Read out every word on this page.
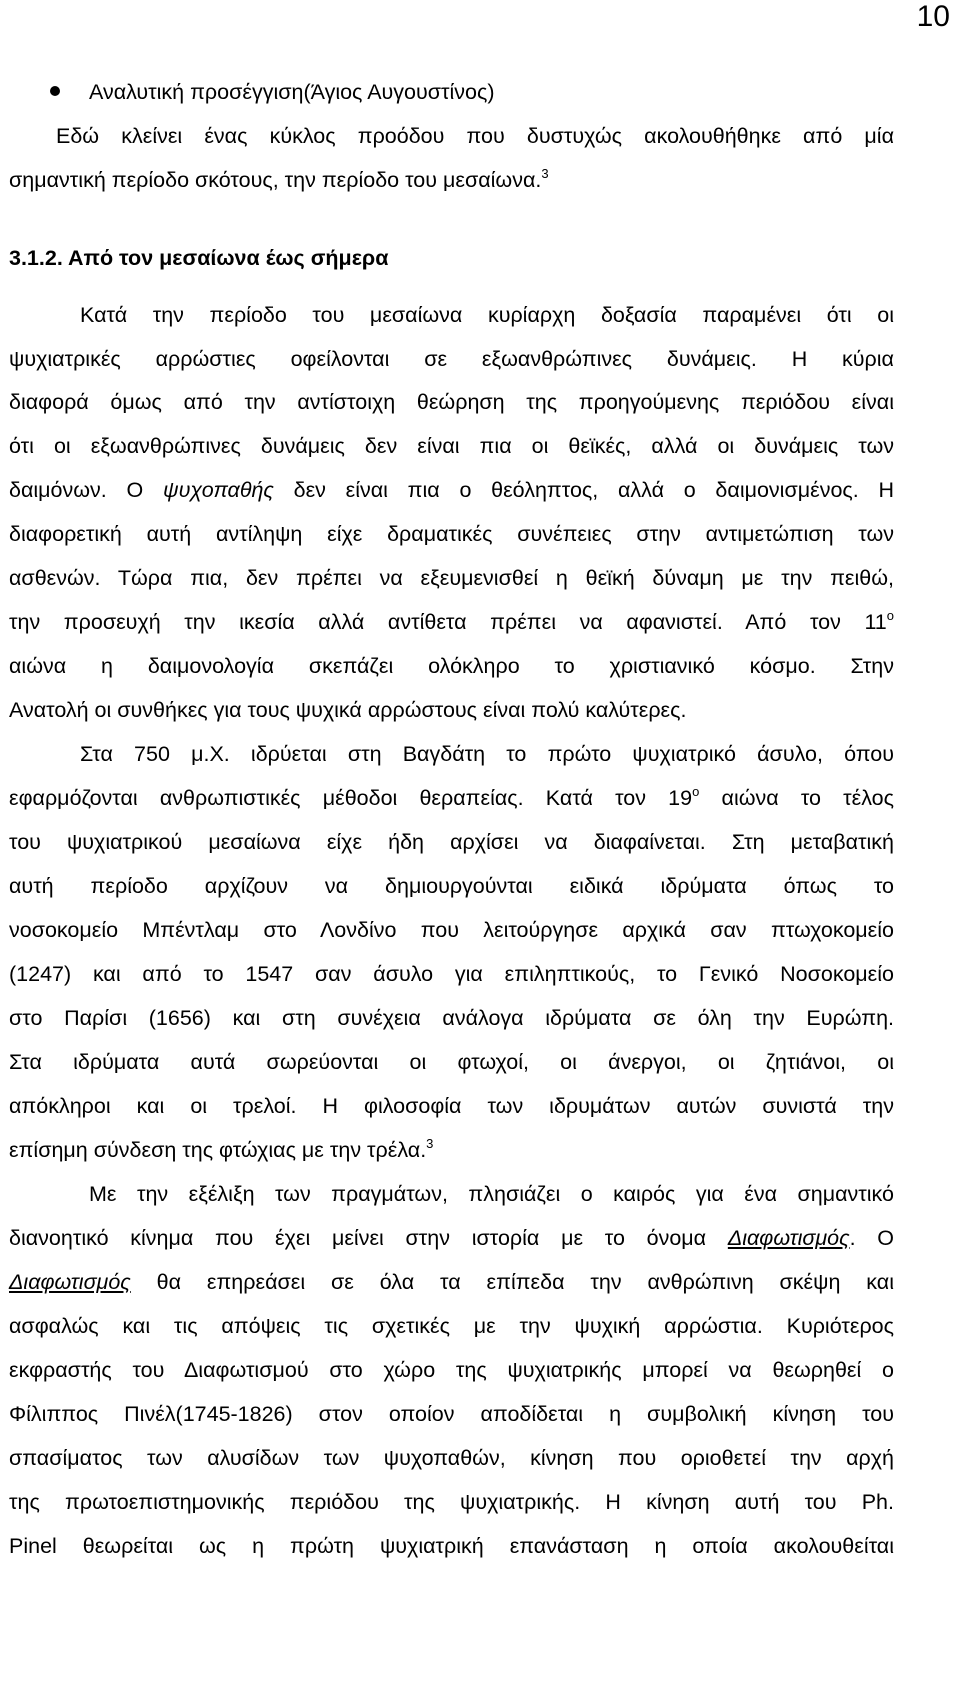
10
Αναλυτική προσέγγιση(Άγιος Αυγουστίνος)
Εδώ κλείνει ένας κύκλος προόδου που δυστυχώς ακολουθήθηκε από μία
σημαντική περίοδο σκότους, την περίοδο του μεσαίωνα.$^3$
3.1.2. Από τον μεσαίωνα έως σήμερα
Κατά την περίοδο του μεσαίωνα κυρίαρχη δοξασία παραμένει ότι οι
ψυχιατρικές αρρώστιες οφείλονται σε εξωανθρώπινες δυνάμεις. Η κύρια
διαφορά όμως από την αντίστοιχη θεώρηση της προηγούμενης περιόδου είναι
ότι οι εξωανθρώπινες δυνάμεις δεν είναι πια οι θεϊκές, αλλά οι δυνάμεις των
δαιμόνων. Ο ψυχοπαθής δεν είναι πια ο θεόληπτος, αλλά ο δαιμονισμένος. Η
διαφορετική αυτή αντίληψη είχε δραματικές συνέπειες στην αντιμετώπιση των
ασθενών. Τώρα πια, δεν πρέπει να εξευμενισθεί η θεϊκή δύναμη με την πειθώ,
την προσευχή την ικεσία αλλά αντίθετα πρέπει να αφανιστεί. Από τον $11^o$
αιώνα η δαιμονολογία σκεπάζει ολόκληρο το χριστιανικό κόσμο. Στην
Ανατολή οι συνθήκες για τους ψυχικά αρρώστους είναι πολύ καλύτερες.
Στα 750 μ.Χ. ιδρύεται στη Βαγδάτη το πρώτο ψυχιατρικό άσυλο, όπου
εφαρμόζονται ανθρωπιστικές μέθοδοι θεραπείας. Κατά τον $19^o$ αιώνα το τέλος
του ψυχιατρικού μεσαίωνα είχε ήδη αρχίσει να διαφαίνεται. Στη μεταβατική
αυτή περίοδο αρχίζουν να δημιουργούνται ειδικά ιδρύματα όπως το
νοσοκομείο Μπέντλαμ στο Λονδίνο που λειτούργησε αρχικά σαν πτωχοκομείο
(1247) και από το 1547 σαν άσυλο για επιληπτικούς, το Γενικό Νοσοκομείο
στο Παρίσι (1656) και στη συνέχεια ανάλογα ιδρύματα σε όλη την Ευρώπη.
Στα ιδρύματα αυτά σωρεύονται οι φτωχοί, οι άνεργοι, οι ζητιάνοι, οι
απόκληροι και οι τρελοί. Η φιλοσοφία των ιδρυμάτων αυτών συνιστά την
επίσημη σύνδεση της φτώχιας με την τρέλα.$^3$
Με την εξέλιξη των πραγμάτων, πλησιάζει ο καιρός για ένα σημαντικό
διανοητικό κίνημα που έχει μείνει στην ιστορία με το όνομα Διαφωτισμός. Ο
Διαφωτισμός θα επηρεάσει σε όλα τα επίπεδα την ανθρώπινη σκέψη και
ασφαλώς και τις απόψεις τις σχετικές με την ψυχική αρρώστια. Κυριότερος
εκφραστής του Διαφωτισμού στο χώρο της ψυχιατρικής μπορεί να θεωρηθεί ο
Φίλιππος Πινέλ(1745-1826) στον οποίον αποδίδεται η συμβολική κίνηση του
σπασίματος των αλυσίδων των ψυχοπαθών, κίνηση που οριοθετεί την αρχή
της πρωτοεπιστημονικής περιόδου της ψυχιατρικής. Η κίνηση αυτή του Ph.
Pinel θεωρείται ως η πρώτη ψυχιατρική επανάσταση η οποία ακολουθείται
